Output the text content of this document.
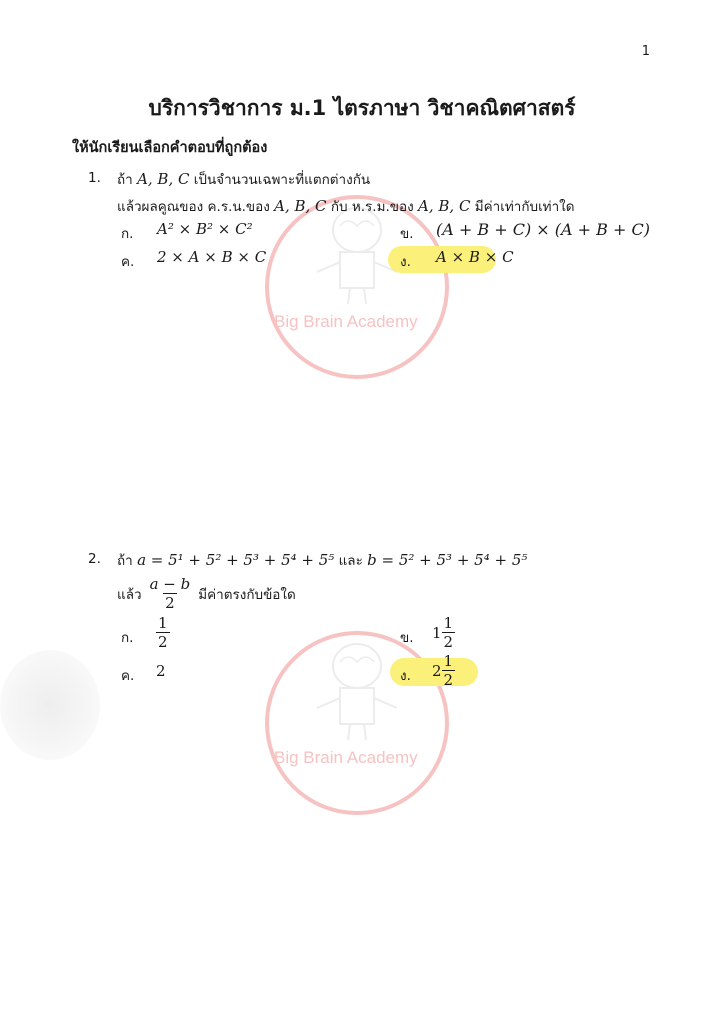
1
บริการวิชาการ ม.1 ไตรภาษา วิชาคณิตศาสตร์
ให้นักเรียนเลือกคำตอบที่ถูกต้อง
Big Brain Academy
Big Brain Academy
1. ถ้า A, B, C เป็นจำนวนเฉพาะที่แตกต่างกัน
แล้วผลคูณของ ค.ร.น.ของ A, B, C กับ ห.ร.ม.ของ A, B, C มีค่าเท่ากับเท่าใด
ก. A² × B² × C²	ข. (A + B + C) × (A + B + C)
ค. 2 × A × B × C	ง. A × B × C
2. ถ้า a = 5¹ + 5² + 5³ + 5⁴ + 5⁵ และ b = 5² + 5³ + 5⁴ + 5⁵
แล้ว $\frac{a - b}{2}$ มีค่าตรงกับข้อใด
ก. $\frac{1}{2}$	ข. $1 \frac{1}{2}$
ค. 2	ง. $2 \frac{1}{2}$
